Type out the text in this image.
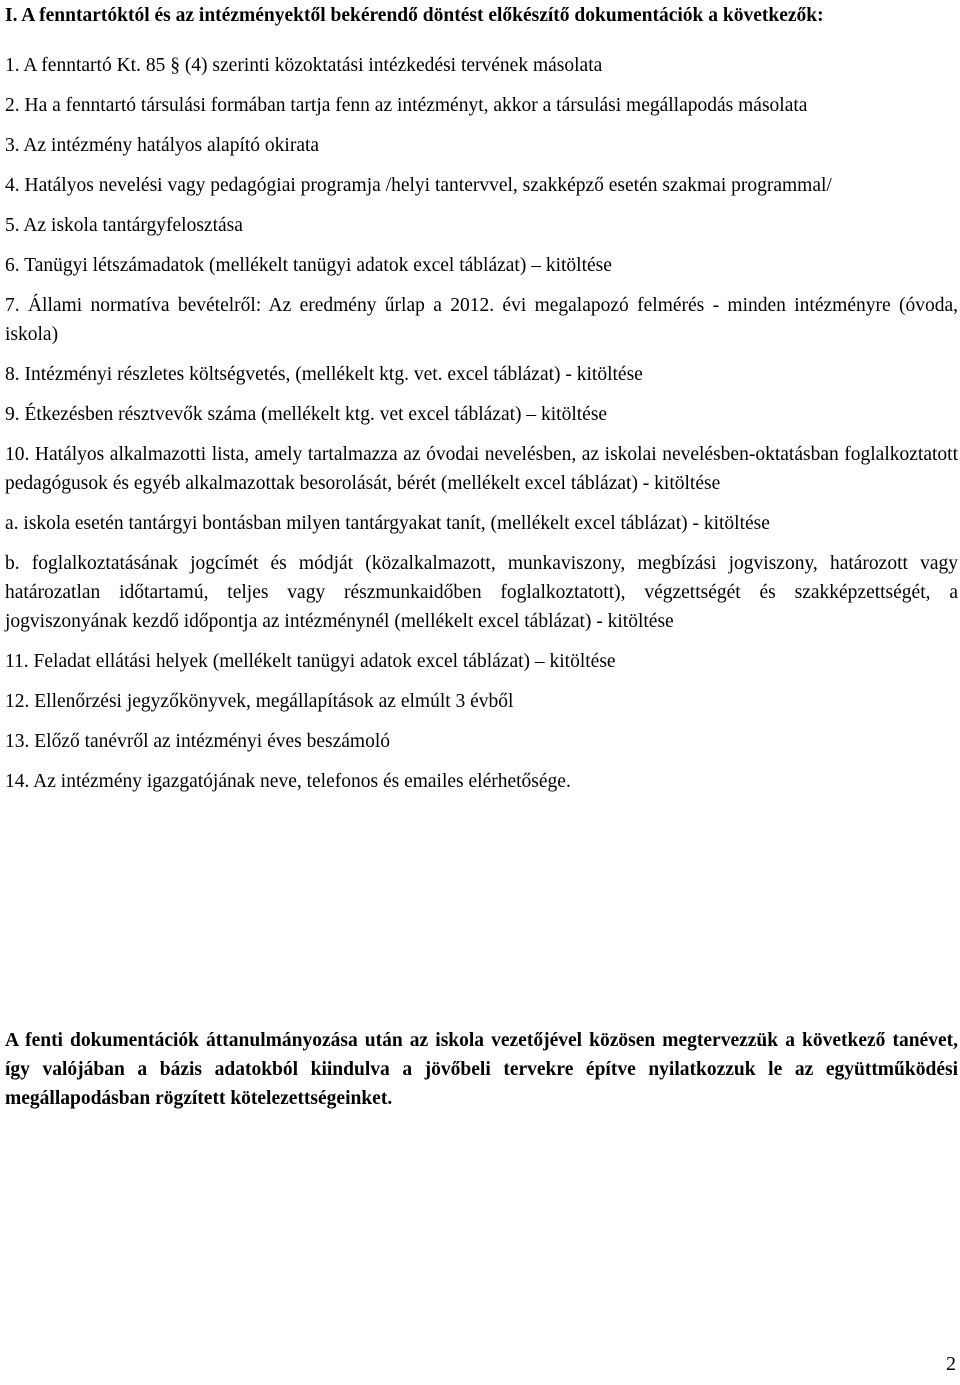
I. A fenntartóktól és az intézményektől bekérendő döntést előkészítő dokumentációk a következők:
1. A fenntartó Kt. 85 § (4) szerinti közoktatási intézkedési tervének másolata
2. Ha a fenntartó társulási formában tartja fenn az intézményt, akkor a társulási megállapodás másolata
3. Az intézmény hatályos alapító okirata
4. Hatályos nevelési vagy pedagógiai programja /helyi tantervvel, szakképző esetén szakmai programmal/
5. Az iskola tantárgyfelosztása
6. Tanügyi létszámadatok (mellékelt tanügyi adatok excel táblázat) – kitöltése
7. Állami normatíva bevételről: Az eredmény űrlap a 2012. évi megalapozó felmérés - minden intézményre (óvoda, iskola)
8. Intézményi részletes költségvetés, (mellékelt ktg. vet. excel táblázat) - kitöltése
9. Étkezésben résztvevők száma (mellékelt ktg. vet excel táblázat) – kitöltése
10. Hatályos alkalmazotti lista, amely tartalmazza az óvodai nevelésben, az iskolai nevelésben-oktatásban foglalkoztatott pedagógusok és egyéb alkalmazottak besorolását, bérét (mellékelt excel táblázat) - kitöltése
a. iskola esetén tantárgyi bontásban milyen tantárgyakat tanít, (mellékelt excel táblázat) - kitöltése
b. foglalkoztatásának jogcímét és módját (közalkalmazott, munkaviszony, megbízási jogviszony, határozott vagy határozatlan időtartamú, teljes vagy részmunkaidőben foglalkoztatott), végzettségét és szakképzettségét, a jogviszonyának kezdő időpontja az intézménynél (mellékelt excel táblázat) - kitöltése
11. Feladat ellátási helyek (mellékelt tanügyi adatok excel táblázat) – kitöltése
12. Ellenőrzési jegyzőkönyvek, megállapítások az elmúlt 3 évből
13. Előző tanévről az intézményi éves beszámoló
14. Az intézmény igazgatójának neve, telefonos és emailes elérhetősége.
A fenti dokumentációk áttanulmányozása után az iskola vezetőjével közösen megtervezzük a következő tanévet, így valójában a bázis adatokból kiindulva a jövőbeli tervekre építve nyilatkozzuk le az együttműködési megállapodásban rögzített kötelezettségeinket.
2
